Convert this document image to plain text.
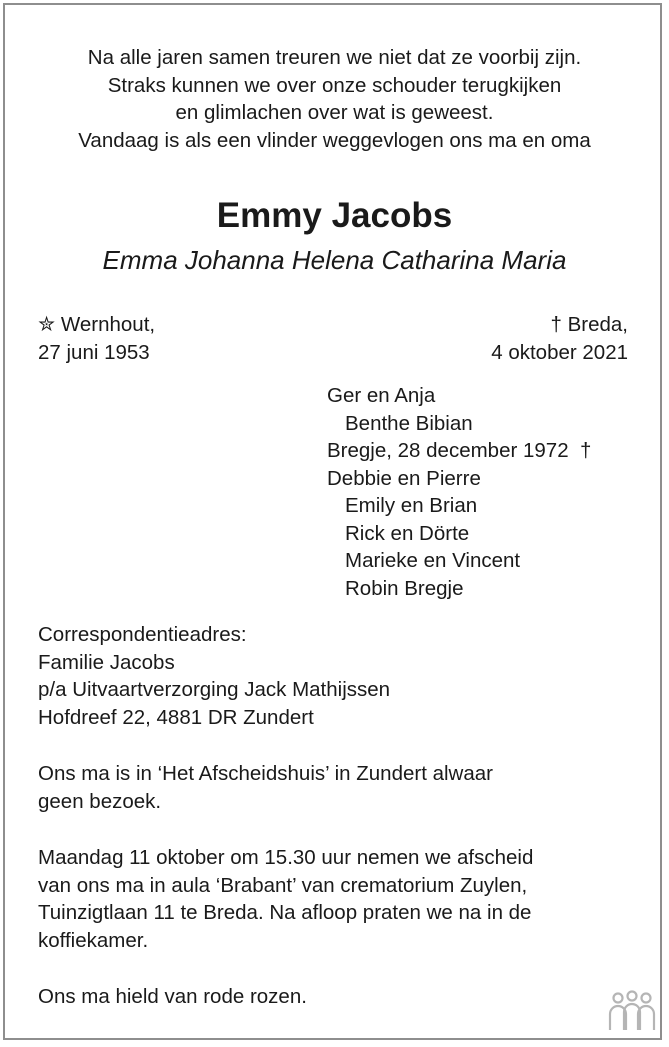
Na alle jaren samen treuren we niet dat ze voorbij zijn.
Straks kunnen we over onze schouder terugkijken
en glimlachen over wat is geweest.
Vandaag is als een vlinder weggevlogen ons ma en oma
Emmy Jacobs
Emma Johanna Helena Catharina Maria
✮ Wernhout,
27 juni 1953
† Breda,
4 oktober 2021
Ger en Anja
Benthe Bibian
Bregje, 28 december 1972  †
Debbie en Pierre
Emily en Brian
Rick en Dörte
Marieke en Vincent
Robin Bregje
Correspondentieadres:
Familie Jacobs
p/a Uitvaartverzorging Jack Mathijssen
Hofdreef 22, 4881 DR Zundert
Ons ma is in ‘Het Afscheidshuis’ in Zundert alwaar
geen bezoek.
Maandag 11 oktober om 15.30 uur nemen we afscheid
van ons ma in aula ‘Brabant’ van crematorium Zuylen,
Tuinzigtlaan 11 te Breda. Na afloop praten we na in de
koffiekamer.
Ons ma hield van rode rozen.
